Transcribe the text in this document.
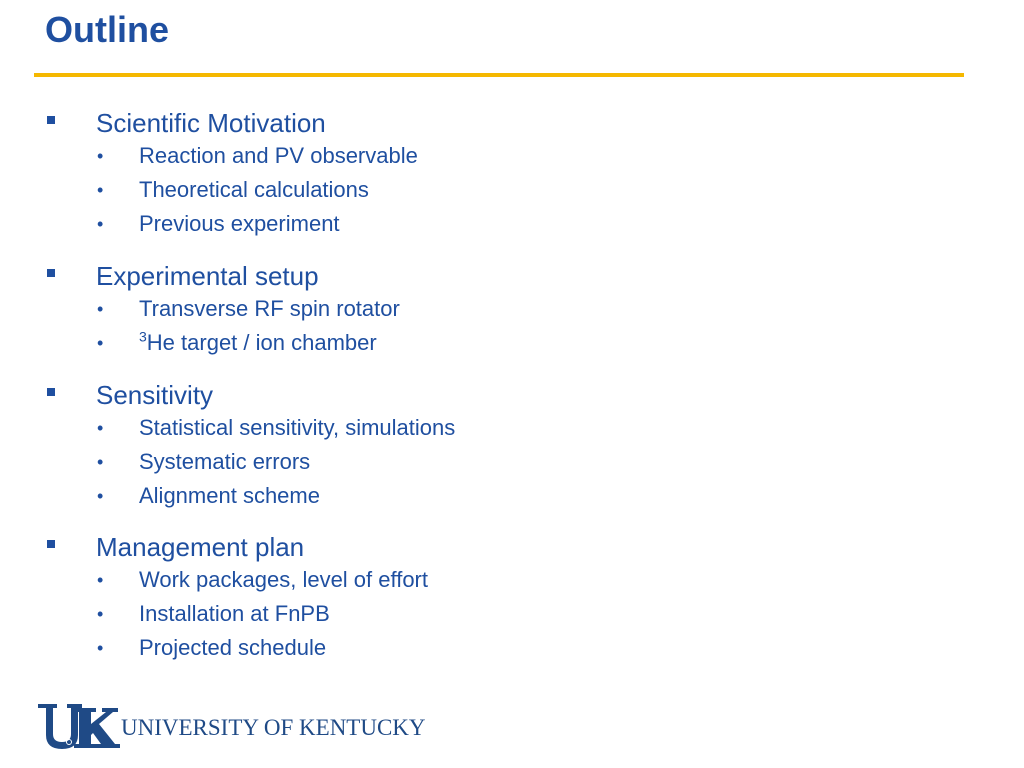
Outline
Scientific Motivation
• Reaction and PV observable
• Theoretical calculations
• Previous experiment
Experimental setup
• Transverse RF spin rotator
•	$^3$He target / ion chamber
Sensitivity
• Statistical sensitivity, simulations
• Systematic errors
• Alignment scheme
Management plan
• Work packages, level of effort
• Installation at FnPB
• Projected schedule
UNIVERSITY OF KENTUCKY
